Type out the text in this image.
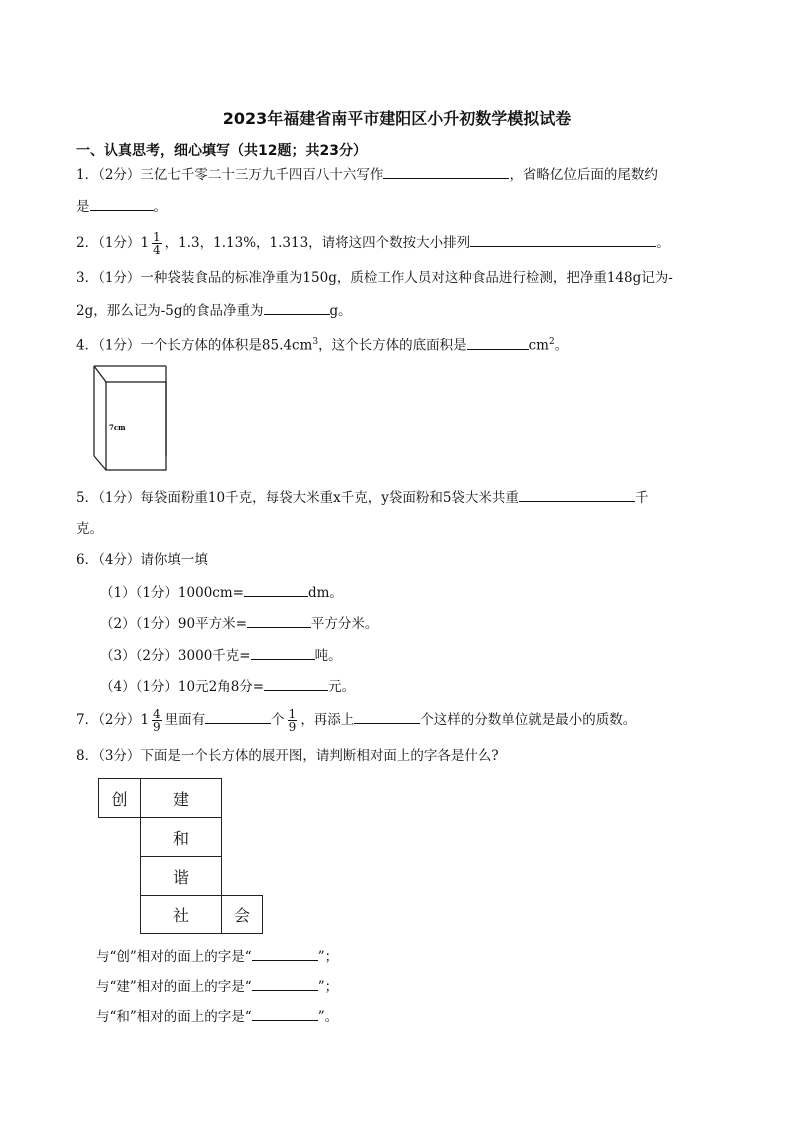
2023年福建省南平市建阳区小升初数学模拟试卷
一、认真思考，细心填写（共12题；共23分）
1．（2分）三亿七千零二十三万九千四百八十六写作	，省略亿位后面的尾数约
是	。
2．（1分）$1 \frac{1}{4}$ ，1.3，1.13%，1.313，请将这四个数按大小排列	。
3．（1分）一种袋装食品的标准净重为150g，质检工作人员对这种食品进行检测，把净重148g记为-
2g，那么记为-5g的食品净重为	g。
4．（1分）一个长方体的体积是$85.4cm^3$，这个长方体的底面积是	$cm^2$。
7cm
5．（1分）每袋面粉重10千克，每袋大米重x千克，y袋面粉和5袋大米共重	千
克。
6．（4分）请你填一填
（1）（1分）1000cm=	dm。
（2）（1分）90平方米=	平方分米。
（3）（2分）3000千克=	吨。
（4）（1分）10元2角8分=	元。
7．（2分）$1 \frac{4}{9}$ 里面有	个 $\frac{1}{9}$ ，再添上	个这样的分数单位就是最小的质数。
8．（3分）下面是一个长方体的展开图，请判断相对面上的字各是什么?
创	建
和
谐
社	会
与“创”相对的面上的字是“	”；
与“建”相对的面上的字是“	”；
与“和”相对的面上的字是“	”。
